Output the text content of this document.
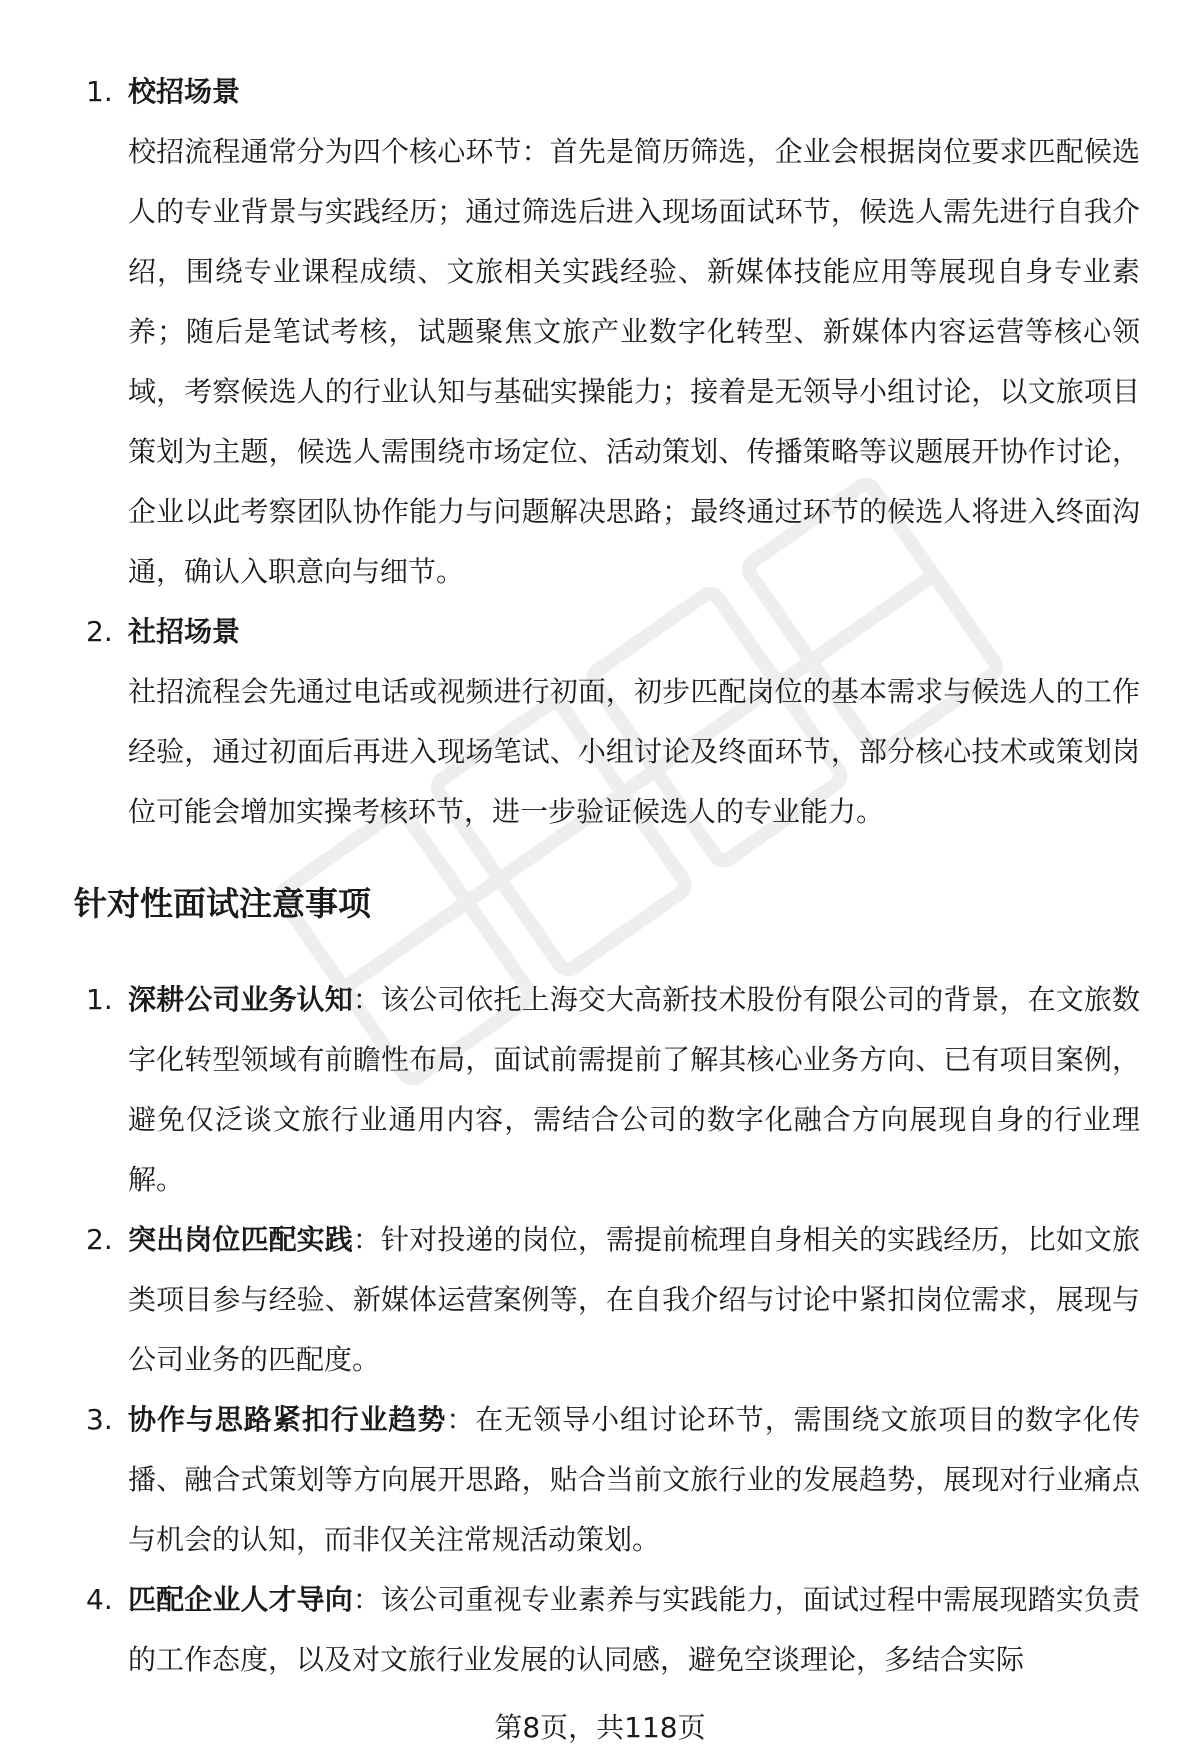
1. 校招场景

校招流程通常分为四个核心环节：首先是简历筛选，企业会根据岗位要求匹配候选人的专业背景与实践经历；通过筛选后进入现场面试环节，候选人需先进行自我介绍，围绕专业课程成绩、文旅相关实践经验、新媒体技能应用等展现自身专业素养；随后是笔试考核，试题聚焦文旅产业数字化转型、新媒体内容运营等核心领域，考察候选人的行业认知与基础实操能力；接着是无领导小组讨论，以文旅项目策划为主题，候选人需围绕市场定位、活动策划、传播策略等议题展开协作讨论，企业以此考察团队协作能力与问题解决思路；最终通过环节的候选人将进入终面沟通，确认入职意向与细节。

2. 社招场景

社招流程会先通过电话或视频进行初面，初步匹配岗位的基本需求与候选人的工作经验，通过初面后再进入现场笔试、小组讨论及终面环节，部分核心技术或策划岗位可能会增加实操考核环节，进一步验证候选人的专业能力。

针对性面试注意事项
1. 深耕公司业务认知：该公司依托上海交大高新技术股份有限公司的背景，在文旅数字化转型领域有前瞻性布局，面试前需提前了解其核心业务方向、已有项目案例，避免仅泛谈文旅行业通用内容，需结合公司的数字化融合方向展现自身的行业理解。

2. 突出岗位匹配实践：针对投递的岗位，需提前梳理自身相关的实践经历，比如文旅类项目参与经验、新媒体运营案例等，在自我介绍与讨论中紧扣岗位需求，展现与公司业务的匹配度。

3. 协作与思路紧扣行业趋势：在无领导小组讨论环节，需围绕文旅项目的数字化传播、融合式策划等方向展开思路，贴合当前文旅行业的发展趋势，展现对行业痛点与机会的认知，而非仅关注常规活动策划。

4. 匹配企业人才导向：该公司重视专业素养与实践能力，面试过程中需展现踏实负责的工作态度，以及对文旅行业发展的认同感，避免空谈理论，多结合实际

第8页，共118页
